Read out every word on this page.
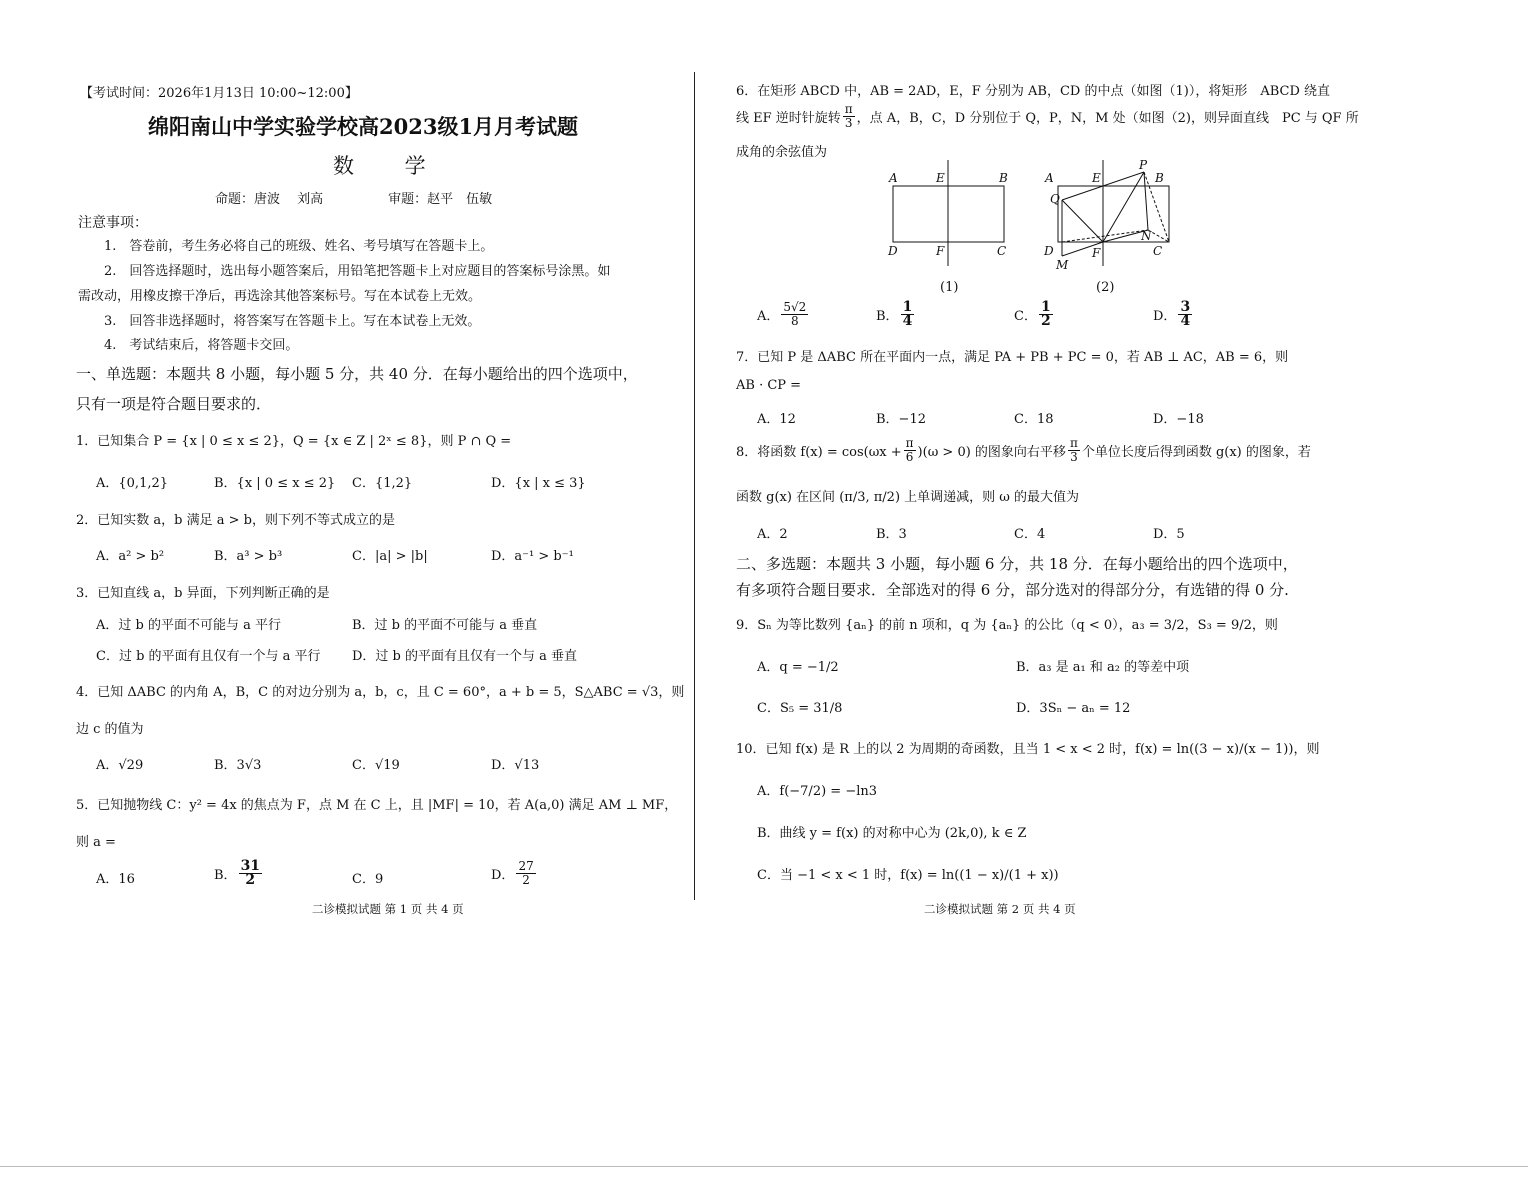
【考试时间：2026年1月13日 10:00~12:00】
绵阳南山中学实验学校高2023级1月月考试题
数 学
命题：唐波　 刘高　　　　　审题：赵平　伍敏
注意事项：
1.　答卷前，考生务必将自己的班级、姓名、考号填写在答题卡上。
2.　回答选择题时，选出每小题答案后，用铅笔把答题卡上对应题目的答案标号涂黑。如
需改动，用橡皮擦干净后，再选涂其他答案标号。写在本试卷上无效。
3.　回答非选择题时，将答案写在答题卡上。写在本试卷上无效。
4.　考试结束后，将答题卡交回。
一、单选题：本题共 8 小题，每小题 5 分，共 40 分．在每小题给出的四个选项中，
只有一项是符合题目要求的．
1．已知集合 P = {x | 0 ≤ x ≤ 2}，Q = {x ∈ Z | 2ˣ ≤ 8}，则 P ∩ Q =
A．{0,1,2}	B．{x | 0 ≤ x ≤ 2} C．{1,2}	D．{x | x ≤ 3}
2．已知实数 a，b 满足 a > b，则下列不等式成立的是
A．a² > b²	B．a³ > b³	C．|a| > |b|	D．a⁻¹ > b⁻¹
3．已知直线 a，b 异面，下列判断正确的是
A．过 b 的平面不可能与 a 平行	B．过 b 的平面不可能与 a 垂直
C．过 b 的平面有且仅有一个与 a 平行 D．过 b 的平面有且仅有一个与 a 垂直
4．已知 ΔABC 的内角 A，B，C 的对边分别为 a，b，c，且 C = 60°，a + b = 5，S△ABC = √3，则
边 c 的值为
A．√29	B．3√3	C．√19	D．√13
5．已知抛物线 C：y² = 4x 的焦点为 F，点 M 在 C 上，且 |MF| = 10，若 A(a,0) 满足 AM ⊥ MF，
则 a =
A．16	B． $\frac{31}{2}$	C．9	D． $\frac{27}{2}$
二诊模拟试题 第 1 页 共 4 页
6．在矩形 ABCD 中，AB = 2AD，E，F 分别为 AB，CD 的中点（如图（1)），将矩形　ABCD 绕直
线 EF 逆时针旋转 $\frac{\pi}{3}$ ，点 A，B，C，D 分别位于 Q，P，N，M 处（如图（2)，则异面直线　PC 与 QF 所
成角的余弦值为
A	E	B
D	F	C
(1)
A	E
P
B
Q
D	F	C
N
M
(2)
A． $\frac{5√2}{8}$	B． $\frac{1}{4}$	C． $\frac{1}{2}$	D． $\frac{3}{4}$
7．已知 P 是 ΔABC 所在平面内一点，满足 PA + PB + PC = 0，若 AB ⊥ AC，AB = 6，则
AB · CP =
A．12	B．−12	C．18	D．−18
8．将函数 $f(x) = \cos(\omega x + \frac{\pi}{6} )(\omega > 0)$ 的图象向右平移 $\frac{\pi}{3}$ 个单位长度后得到函数 g(x) 的图象，若
函数 g(x) 在区间 (π/3, π/2) 上单调递减，则 ω 的最大值为
A．2	B．3	C．4	D．5
二、多选题：本题共 3 小题，每小题 6 分，共 18 分．在每小题给出的四个选项中，
有多项符合题目要求．全部选对的得 6 分，部分选对的得部分分，有选错的得 0 分.
9．Sₙ 为等比数列 {aₙ} 的前 n 项和，q 为 {aₙ} 的公比（q < 0），a₃ = 3/2，S₃ = 9/2，则
A．q = −1/2	B．a₃ 是 a₁ 和 a₂ 的等差中项
C．S₅ = 31/8	D．3Sₙ − aₙ = 12
10．已知 f(x) 是 R 上的以 2 为周期的奇函数，且当 1 < x < 2 时，f(x) = ln((3 − x)/(x − 1))，则
A．f(−7/2) = −ln3
B．曲线 y = f(x) 的对称中心为 (2k,0), k ∈ Z
C．当 −1 < x < 1 时，f(x) = ln((1 − x)/(1 + x))
二诊模拟试题 第 2 页 共 4 页
